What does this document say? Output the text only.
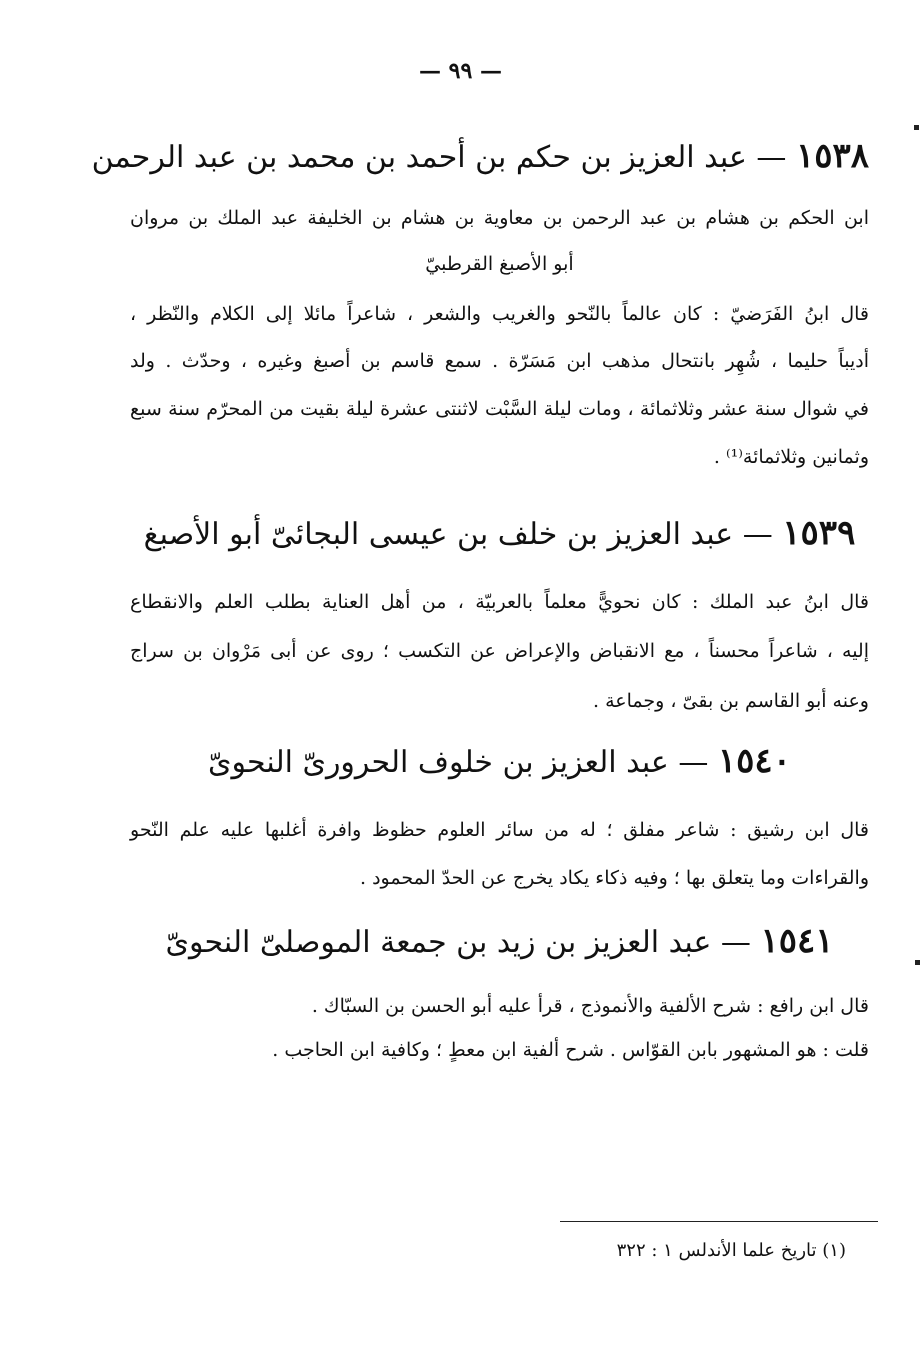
— ٩٩ —
١٥٣٨ — عبد العزيز بن حكم بن أحمد بن محمد بن عبد الرحمن
ابن الحكم بن هشام بن عبد الرحمن بن معاوية بن هشام بن الخليفة عبد الملك بن مروان
أبو الأصبغ القرطبيّ
قال ابنُ الفَرَضيّ : كان عالماً بالنّحو والغريب والشعر ، شاعراً مائلا إلى الكلام والنّظر ،
أديباً حليما ، شُهِر بانتحال مذهب ابن مَسَرّة . سمع قاسم بن أصبغ وغيره ، وحدّث . ولد
في شوال سنة عشر وثلاثمائة ، ومات ليلة السَّبْت لاثنتى عشرة ليلة بقيت من المحرّم سنة سبع
وثمانين وثلاثمائة⁽¹⁾ .
١٥٣٩ — عبد العزيز بن خلف بن عيسى البجائىّ أبو الأصبغ
قال ابنُ عبد الملك : كان نحويًّ معلماً بالعربيّة ، من أهل العناية بطلب العلم والانقطاع
إليه ، شاعراً محسناً ، مع الانقباض والإعراض عن التكسب ؛ روى عن أبى مَرْوان بن سراج
وعنه أبو القاسم بن بقىّ ، وجماعة .
١٥٤٠ — عبد العزيز بن خلوف الحرورىّ النحوىّ
قال ابن رشيق : شاعر مفلق ؛ له من سائر العلوم حظوظ وافرة أغلبها عليه علم النّحو
والقراءات وما يتعلق بها ؛ وفيه ذكاء يكاد يخرج عن الحدّ المحمود .
١٥٤١ — عبد العزيز بن زيد بن جمعة الموصلىّ النحوىّ
قال ابن رافع : شرح الألفية والأنموذج ، قرأ عليه أبو الحسن بن السبّاك .
قلت : هو المشهور بابن القوّاس . شرح ألفية ابن معطٍ ؛ وكافية ابن الحاجب .
(١) تاريخ علما الأندلس ١ : ٣٢٢
